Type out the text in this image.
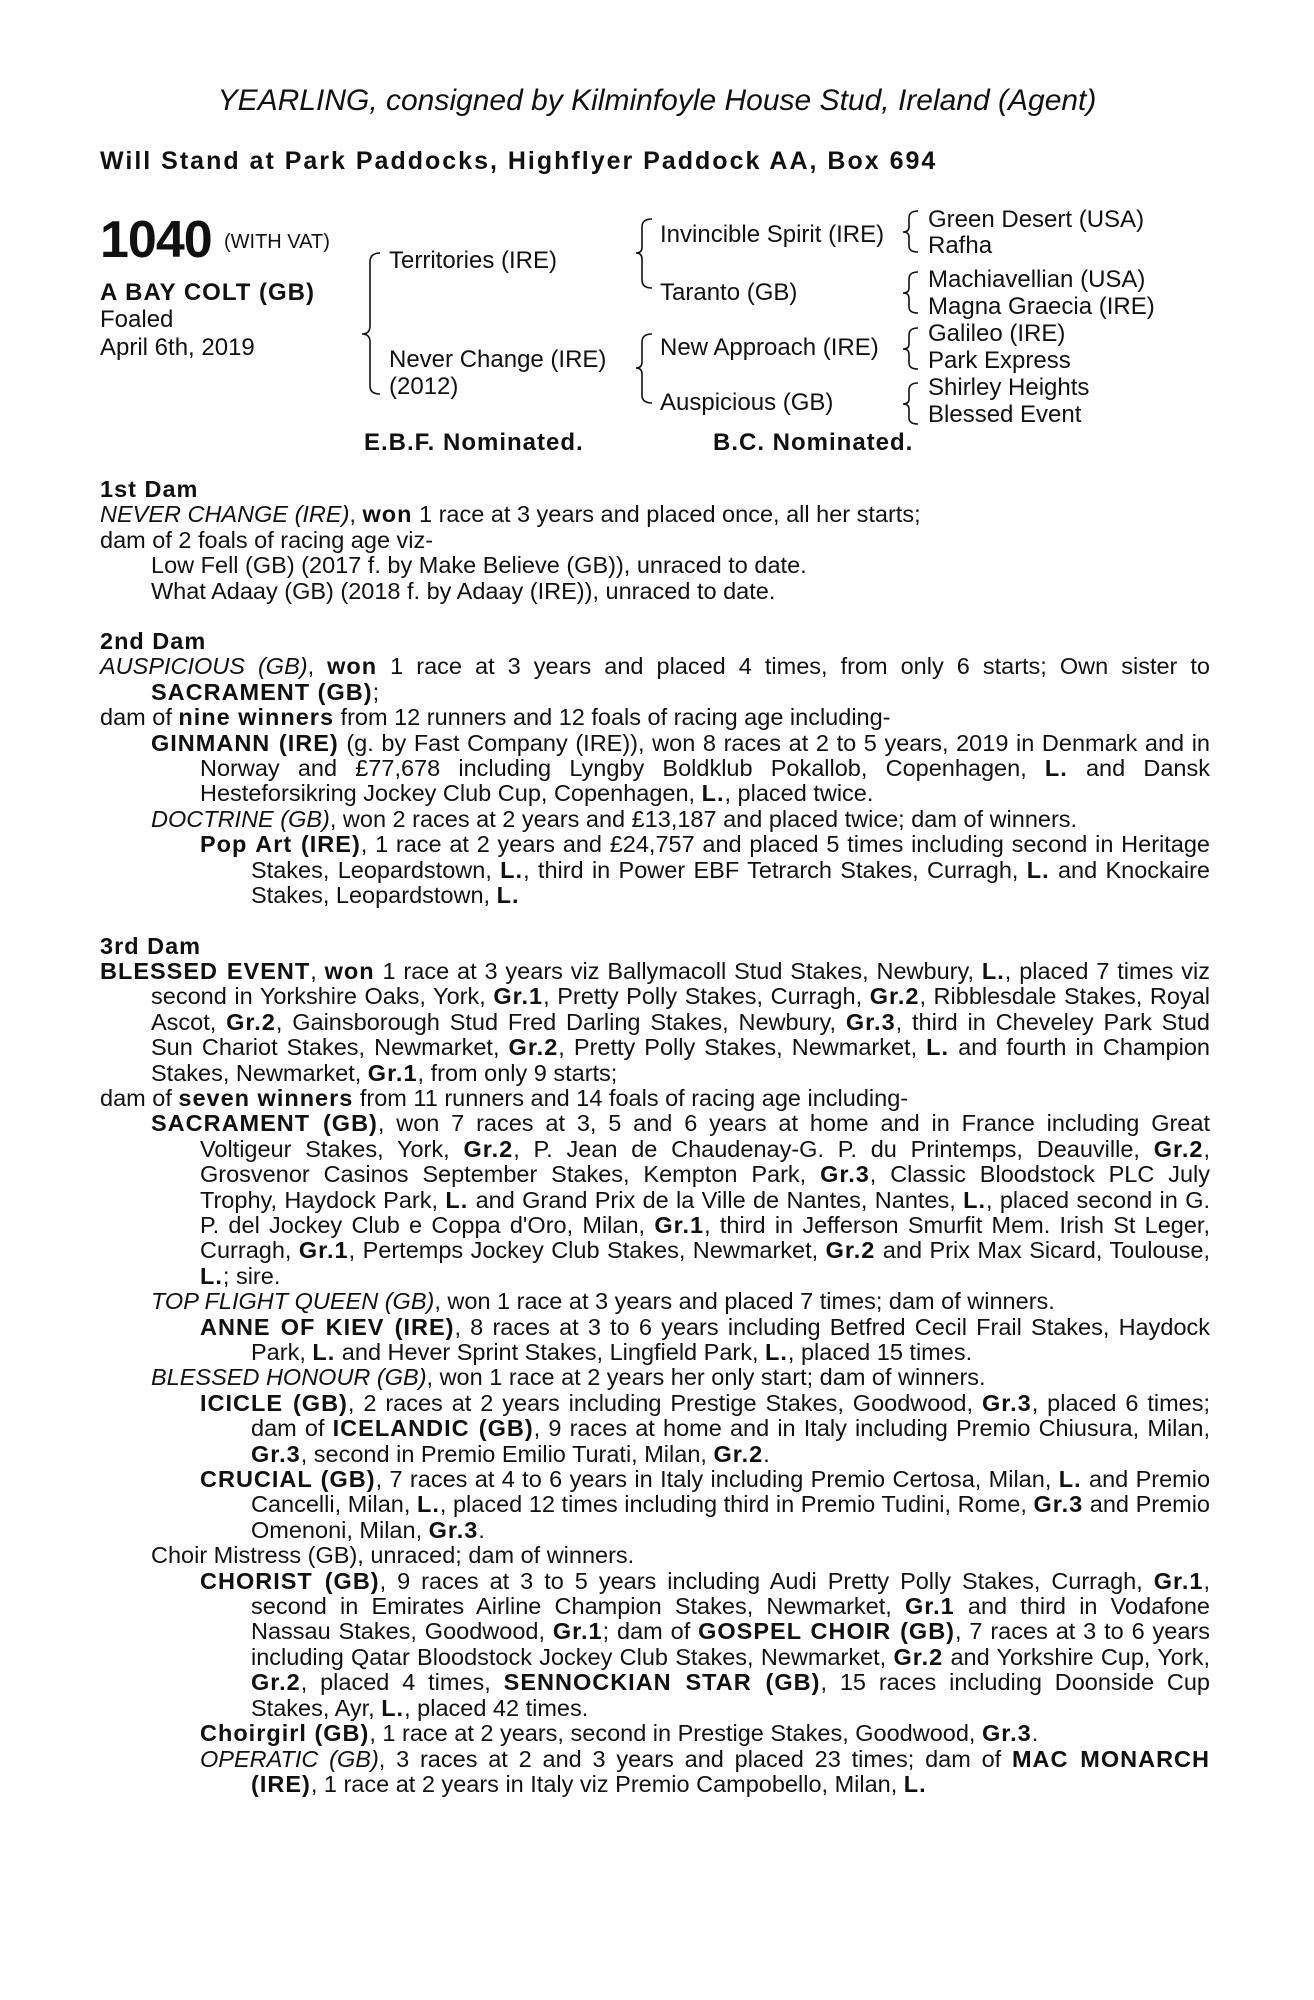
YEARLING, consigned by Kilminfoyle House Stud, Ireland (Agent)
Will Stand at Park Paddocks, Highflyer Paddock AA, Box 694
1040 (WITH VAT)
A BAY COLT (GB)
Foaled
April 6th, 2019
Territories (IRE)
Never Change (IRE)
(2012)
Invincible Spirit (IRE)
Taranto (GB)
New Approach (IRE)
Auspicious (GB)
Green Desert (USA)
Rafha
Machiavellian (USA)
Magna Graecia (IRE)
Galileo (IRE)
Park Express
Shirley Heights
Blessed Event
E.B.F. Nominated.	B.C. Nominated.
1st Dam
NEVER CHANGE (IRE), won 1 race at 3 years and placed once, all her starts;
dam of 2 foals of racing age viz-
Low Fell (GB) (2017 f. by Make Believe (GB)), unraced to date.
What Adaay (GB) (2018 f. by Adaay (IRE)), unraced to date.
2nd Dam
AUSPICIOUS (GB), won 1 race at 3 years and placed 4 times, from only 6 starts; Own sister to SACRAMENT (GB);
dam of nine winners from 12 runners and 12 foals of racing age including-
GINMANN (IRE) (g. by Fast Company (IRE)), won 8 races at 2 to 5 years, 2019 in Denmark and in Norway and £77,678 including Lyngby Boldklub Pokallob, Copenhagen, L. and Dansk Hesteforsikring Jockey Club Cup, Copenhagen, L., placed twice.
DOCTRINE (GB), won 2 races at 2 years and £13,187 and placed twice; dam of winners.
Pop Art (IRE), 1 race at 2 years and £24,757 and placed 5 times including second in Heritage Stakes, Leopardstown, L., third in Power EBF Tetrarch Stakes, Curragh, L. and Knockaire Stakes, Leopardstown, L.
3rd Dam
BLESSED EVENT, won 1 race at 3 years viz Ballymacoll Stud Stakes, Newbury, L., placed 7 times viz second in Yorkshire Oaks, York, Gr.1, Pretty Polly Stakes, Curragh, Gr.2, Ribblesdale Stakes, Royal Ascot, Gr.2, Gainsborough Stud Fred Darling Stakes, Newbury, Gr.3, third in Cheveley Park Stud Sun Chariot Stakes, Newmarket, Gr.2, Pretty Polly Stakes, Newmarket, L. and fourth in Champion Stakes, Newmarket, Gr.1, from only 9 starts;
dam of seven winners from 11 runners and 14 foals of racing age including-
SACRAMENT (GB), won 7 races at 3, 5 and 6 years at home and in France including Great Voltigeur Stakes, York, Gr.2, P. Jean de Chaudenay-G. P. du Printemps, Deauville, Gr.2, Grosvenor Casinos September Stakes, Kempton Park, Gr.3, Classic Bloodstock PLC July Trophy, Haydock Park, L. and Grand Prix de la Ville de Nantes, Nantes, L., placed second in G. P. del Jockey Club e Coppa d'Oro, Milan, Gr.1, third in Jefferson Smurfit Mem. Irish St Leger, Curragh, Gr.1, Pertemps Jockey Club Stakes, Newmarket, Gr.2 and Prix Max Sicard, Toulouse, L.; sire.
TOP FLIGHT QUEEN (GB), won 1 race at 3 years and placed 7 times; dam of winners.
ANNE OF KIEV (IRE), 8 races at 3 to 6 years including Betfred Cecil Frail Stakes, Haydock Park, L. and Hever Sprint Stakes, Lingfield Park, L., placed 15 times.
BLESSED HONOUR (GB), won 1 race at 2 years her only start; dam of winners.
ICICLE (GB), 2 races at 2 years including Prestige Stakes, Goodwood, Gr.3, placed 6 times; dam of ICELANDIC (GB), 9 races at home and in Italy including Premio Chiusura, Milan, Gr.3, second in Premio Emilio Turati, Milan, Gr.2.
CRUCIAL (GB), 7 races at 4 to 6 years in Italy including Premio Certosa, Milan, L. and Premio Cancelli, Milan, L., placed 12 times including third in Premio Tudini, Rome, Gr.3 and Premio Omenoni, Milan, Gr.3.
Choir Mistress (GB), unraced; dam of winners.
CHORIST (GB), 9 races at 3 to 5 years including Audi Pretty Polly Stakes, Curragh, Gr.1, second in Emirates Airline Champion Stakes, Newmarket, Gr.1 and third in Vodafone Nassau Stakes, Goodwood, Gr.1; dam of GOSPEL CHOIR (GB), 7 races at 3 to 6 years including Qatar Bloodstock Jockey Club Stakes, Newmarket, Gr.2 and Yorkshire Cup, York, Gr.2, placed 4 times, SENNOCKIAN STAR (GB), 15 races including Doonside Cup Stakes, Ayr, L., placed 42 times.
Choirgirl (GB), 1 race at 2 years, second in Prestige Stakes, Goodwood, Gr.3.
OPERATIC (GB), 3 races at 2 and 3 years and placed 23 times; dam of MAC MONARCH (IRE), 1 race at 2 years in Italy viz Premio Campobello, Milan, L.
